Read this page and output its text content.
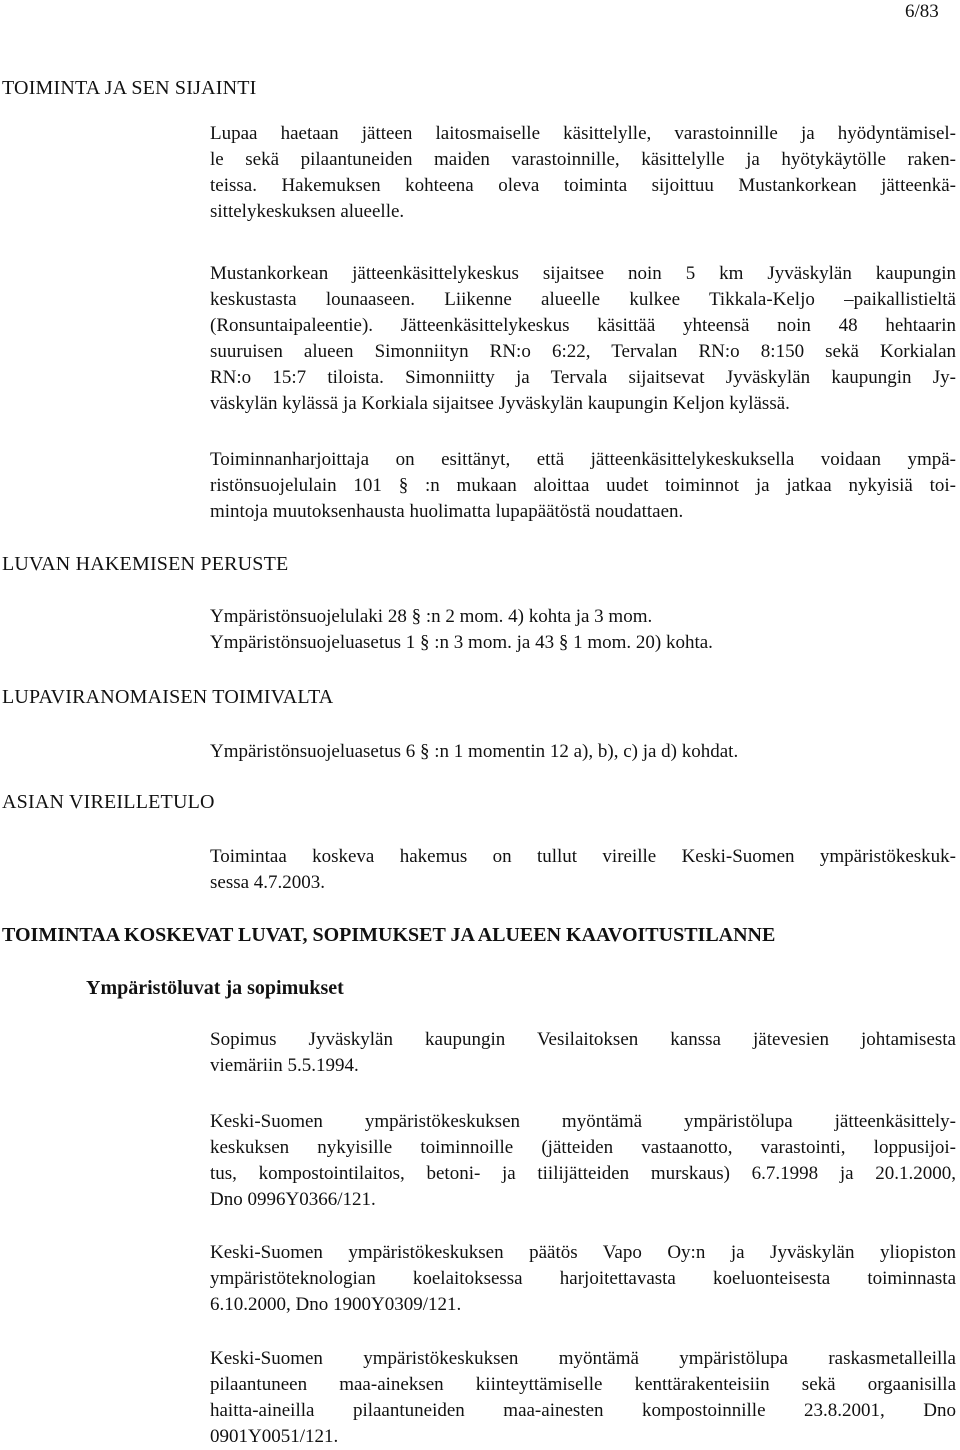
6/83
TOIMINTA JA SEN SIJAINTI
LUVAN HAKEMISEN PERUSTE
LUPAVIRANOMAISEN TOIMIVALTA
ASIAN VIREILLETULO
TOIMINTAA KOSKEVAT LUVAT, SOPIMUKSET JA ALUEEN KAAVOITUSTILANNE
Ympäristöluvat ja sopimukset

Lupaa haetaan jätteen laitosmaiselle käsittelylle, varastoinnille ja hyödyntämisel-
le sekä pilaantuneiden maiden varastoinnille, käsittelylle ja hyötykäytölle raken-
teissa. Hakemuksen kohteena oleva toiminta sijoittuu Mustankorkean jätteenkä-
sittelykeskuksen alueelle.

Mustankorkean jätteenkäsittelykeskus sijaitsee noin 5 km Jyväskylän kaupungin
keskustasta lounaaseen. Liikenne alueelle kulkee Tikkala-Keljo –paikallistieltä
(Ronsuntaipaleentie). Jätteenkäsittelykeskus käsittää yhteensä noin 48 hehtaarin
suuruisen alueen Simonniityn RN:o 6:22, Tervalan RN:o 8:150 sekä Korkialan
RN:o 15:7 tiloista. Simonniitty ja Tervala sijaitsevat Jyväskylän kaupungin Jy-
väskylän kylässä ja Korkiala sijaitsee Jyväskylän kaupungin Keljon kylässä.

Toiminnanharjoittaja on esittänyt, että jätteenkäsittelykeskuksella voidaan ympä-
ristönsuojelulain 101 § :n mukaan aloittaa uudet toiminnot ja jatkaa nykyisiä toi-
mintoja muutoksenhausta huolimatta lupapäätöstä noudattaen.

Ympäristönsuojelulaki 28 § :n 2 mom. 4) kohta ja 3 mom.
Ympäristönsuojeluasetus 1 § :n 3 mom. ja 43 § 1 mom. 20) kohta.

Ympäristönsuojeluasetus 6 § :n 1 momentin 12 a), b), c) ja d) kohdat.

Toimintaa koskeva hakemus on tullut vireille Keski-Suomen ympäristökeskuk-
sessa 4.7.2003.

Sopimus Jyväskylän kaupungin Vesilaitoksen kanssa jätevesien johtamisesta
viemäriin 5.5.1994.

Keski-Suomen ympäristökeskuksen myöntämä ympäristölupa jätteenkäsittely-
keskuksen nykyisille toiminnoille (jätteiden vastaanotto, varastointi, loppusijoi-
tus, kompostointilaitos, betoni- ja tiilijätteiden murskaus) 6.7.1998 ja 20.1.2000,
Dno 0996Y0366/121.

Keski-Suomen ympäristökeskuksen päätös Vapo Oy:n ja Jyväskylän yliopiston
ympäristöteknologian koelaitoksessa harjoitettavasta koeluonteisesta toiminnasta
6.10.2000, Dno 1900Y0309/121.

Keski-Suomen ympäristökeskuksen myöntämä ympäristölupa raskasmetalleilla
pilaantuneen maa-aineksen kiinteyttämiselle kenttärakenteisiin sekä orgaanisilla
haitta-aineilla pilaantuneiden maa-ainesten kompostoinnille 23.8.2001, Dno
0901Y0051/121.
